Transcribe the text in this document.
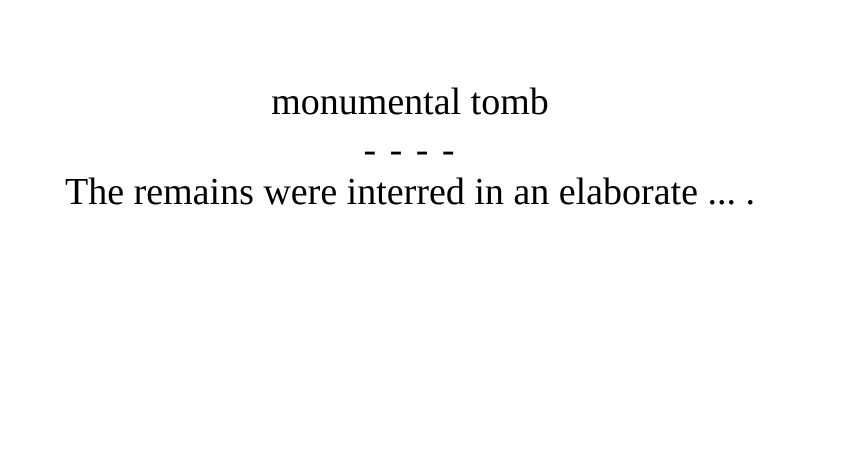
monumental tomb
- - - -
The remains were interred in an elaborate ... .
